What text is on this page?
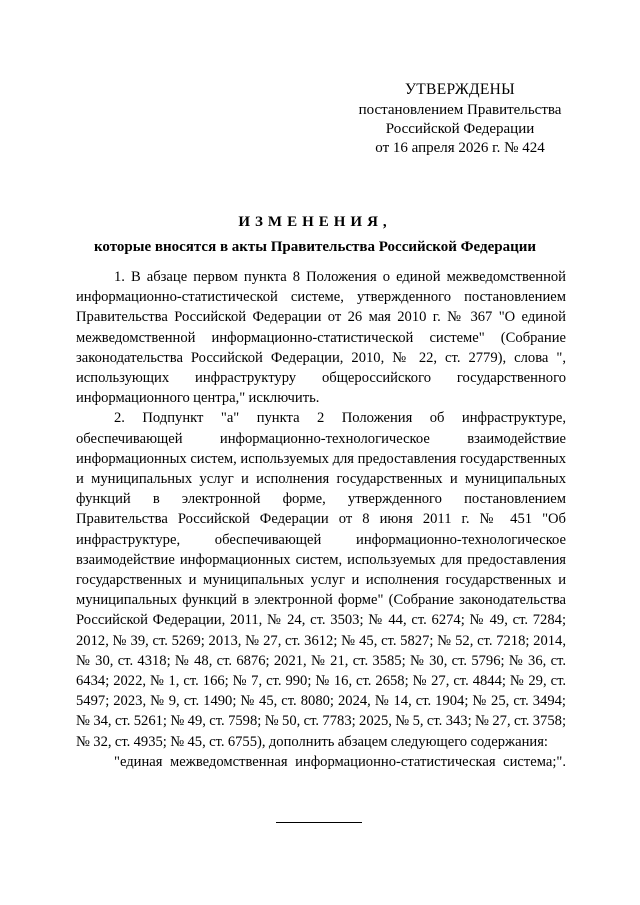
УТВЕРЖДЕНЫ
постановлением Правительства
Российской Федерации
от 16 апреля 2026 г. № 424
ИЗМЕНЕНИЯ,
которые вносятся в акты Правительства Российской Федерации

1. В абзаце первом пункта 8 Положения о единой межведомственной информационно-статистической системе, утвержденного постановлением Правительства Российской Федерации от 26 мая 2010 г. № 367 "О единой межведомственной информационно-статистической системе" (Собрание законодательства Российской Федерации, 2010, № 22, ст. 2779), слова ", использующих инфраструктуру общероссийского государственного информационного центра," исключить.

2. Подпункт "а" пункта 2 Положения об инфраструктуре, обеспечивающей информационно-технологическое взаимодействие информационных систем, используемых для предоставления государственных и муниципальных услуг и исполнения государственных и муниципальных функций в электронной форме, утвержденного постановлением Правительства Российской Федерации от 8 июня 2011 г. № 451 "Об инфраструктуре, обеспечивающей информационно-технологическое взаимодействие информационных систем, используемых для предоставления государственных и муниципальных услуг и исполнения государственных и муниципальных функций в электронной форме" (Собрание законодательства Российской Федерации, 2011, № 24, ст. 3503; № 44, ст. 6274; № 49, ст. 7284; 2012, № 39, ст. 5269; 2013, № 27, ст. 3612; № 45, ст. 5827; № 52, ст. 7218; 2014, № 30, ст. 4318; № 48, ст. 6876; 2021, № 21, ст. 3585; № 30, ст. 5796; № 36, ст. 6434; 2022, № 1, ст. 166; № 7, ст. 990; № 16, ст. 2658; № 27, ст. 4844; № 29, ст. 5497; 2023, № 9, ст. 1490; № 45, ст. 8080; 2024, № 14, ст. 1904; № 25, ст. 3494; № 34, ст. 5261; № 49, ст. 7598; № 50, ст. 7783; 2025, № 5, ст. 343; № 27, ст. 3758; № 32, ст. 4935; № 45, ст. 6755), дополнить абзацем следующего содержания:

"единая межведомственная информационно-статистическая система;".
